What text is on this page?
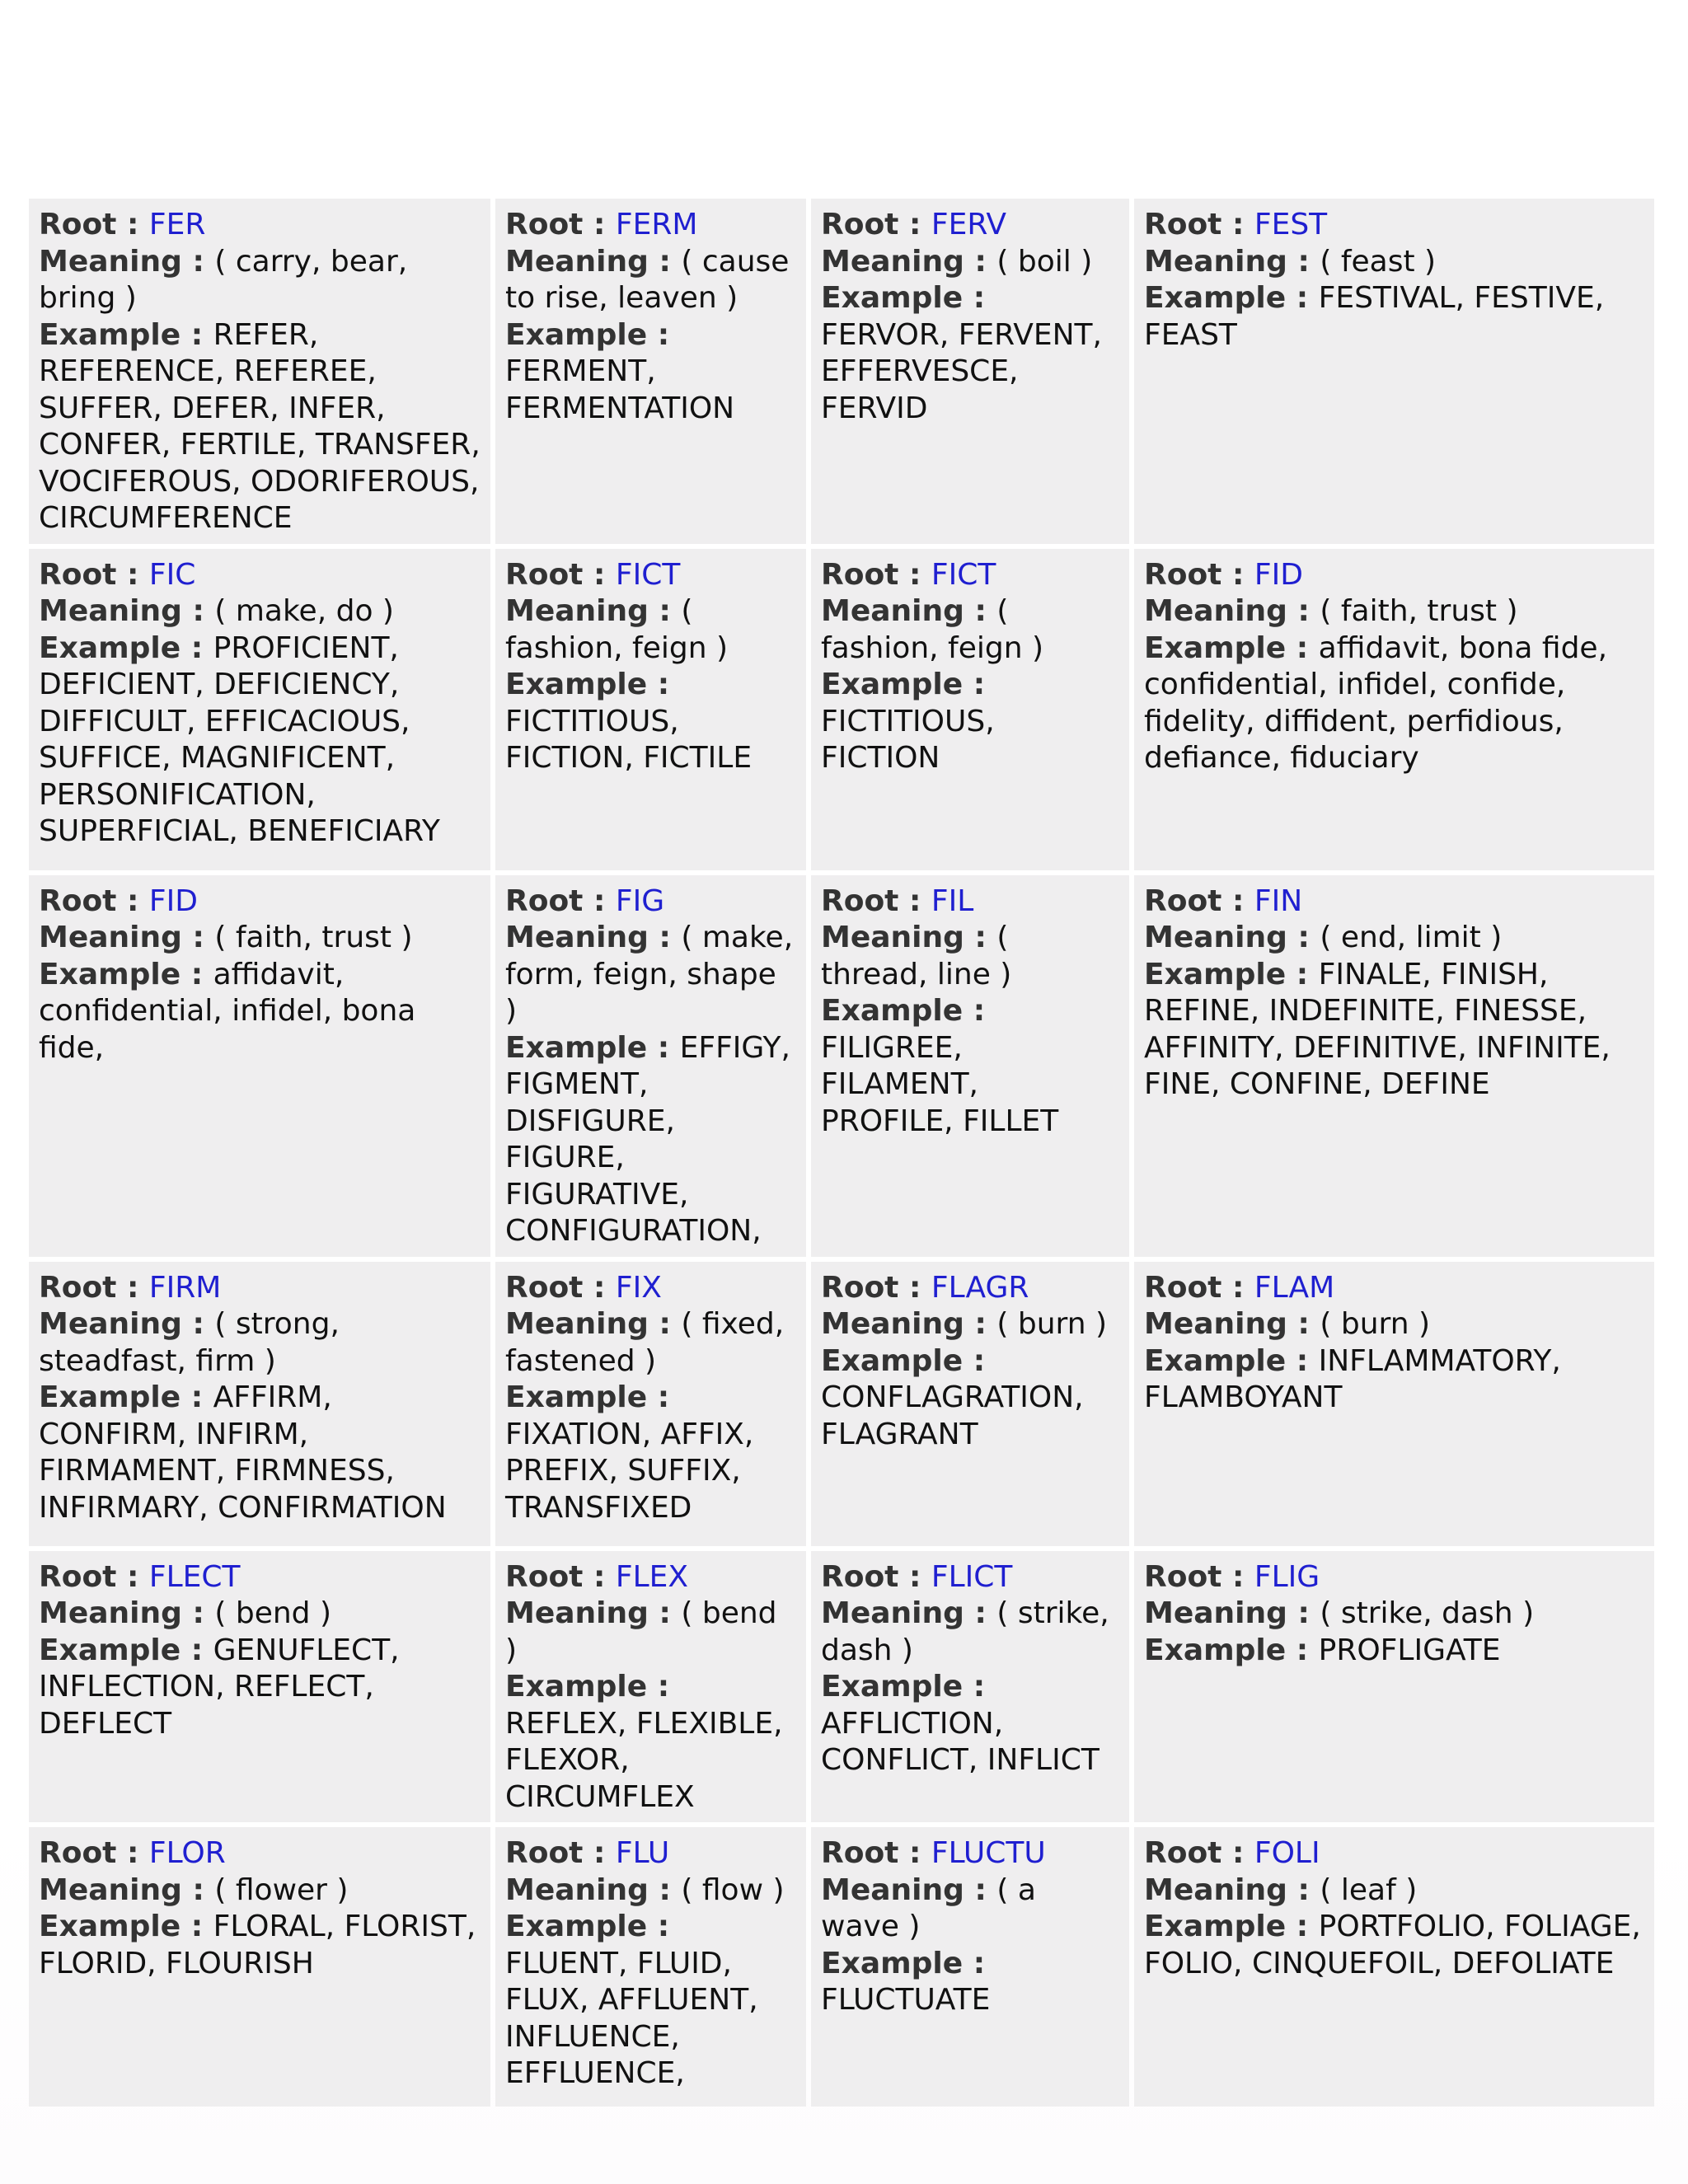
Root : FER
Meaning : ( carry, bear, bring )
Example : REFER, REFERENCE, REFEREE, SUFFER, DEFER, INFER, CONFER, FERTILE, TRANSFER, VOCIFEROUS, ODORIFEROUS, CIRCUMFERENCE	Root : FERM
Meaning : ( cause to rise, leaven )
Example : FERMENT, FERMENTATION	Root : FERV
Meaning : ( boil )
Example : FERVOR, FERVENT, EFFERVESCE, FERVID	Root : FEST
Meaning : ( feast )
Example : FESTIVAL, FESTIVE, FEAST
Root : FIC
Meaning : ( make, do )
Example : PROFICIENT, DEFICIENT, DEFICIENCY, DIFFICULT, EFFICACIOUS, SUFFICE, MAGNIFICENT, PERSONIFICATION, SUPERFICIAL, BENEFICIARY	Root : FICT
Meaning : ( fashion, feign )
Example : FICTITIOUS, FICTION, FICTILE	Root : FICT
Meaning : ( fashion, feign )
Example : FICTITIOUS, FICTION	Root : FID
Meaning : ( faith, trust )
Example : affidavit, bona fide, confidential, infidel, confide, fidelity, diffident, perfidious, defiance, fiduciary
Root : FID
Meaning : ( faith, trust )
Example : affidavit, confidential, infidel, bona fide,	Root : FIG
Meaning : ( make, form, feign, shape )
Example : EFFIGY, FIGMENT, DISFIGURE, FIGURE, FIGURATIVE, CONFIGURATION,	Root : FIL
Meaning : ( thread, line )
Example : FILIGREE, FILAMENT, PROFILE, FILLET	Root : FIN
Meaning : ( end, limit )
Example : FINALE, FINISH, REFINE, INDEFINITE, FINESSE, AFFINITY, DEFINITIVE, INFINITE, FINE, CONFINE, DEFINE
Root : FIRM
Meaning : ( strong, steadfast, firm )
Example : AFFIRM, CONFIRM, INFIRM, FIRMAMENT, FIRMNESS, INFIRMARY, CONFIRMATION	Root : FIX
Meaning : ( fixed, fastened )
Example : FIXATION, AFFIX, PREFIX, SUFFIX, TRANSFIXED	Root : FLAGR
Meaning : ( burn )
Example : CONFLAGRATION, FLAGRANT	Root : FLAM
Meaning : ( burn )
Example : INFLAMMATORY, FLAMBOYANT
Root : FLECT
Meaning : ( bend )
Example : GENUFLECT, INFLECTION, REFLECT, DEFLECT	Root : FLEX
Meaning : ( bend )
Example : REFLEX, FLEXIBLE, FLEXOR, CIRCUMFLEX	Root : FLICT
Meaning : ( strike, dash )
Example : AFFLICTION, CONFLICT, INFLICT	Root : FLIG
Meaning : ( strike, dash )
Example : PROFLIGATE
Root : FLOR
Meaning : ( flower )
Example : FLORAL, FLORIST, FLORID, FLOURISH	Root : FLU
Meaning : ( flow )
Example : FLUENT, FLUID, FLUX, AFFLUENT, INFLUENCE, EFFLUENCE,	Root : FLUCTU
Meaning : ( a wave )
Example : FLUCTUATE	Root : FOLI
Meaning : ( leaf )
Example : PORTFOLIO, FOLIAGE, FOLIO, CINQUEFOIL, DEFOLIATE
